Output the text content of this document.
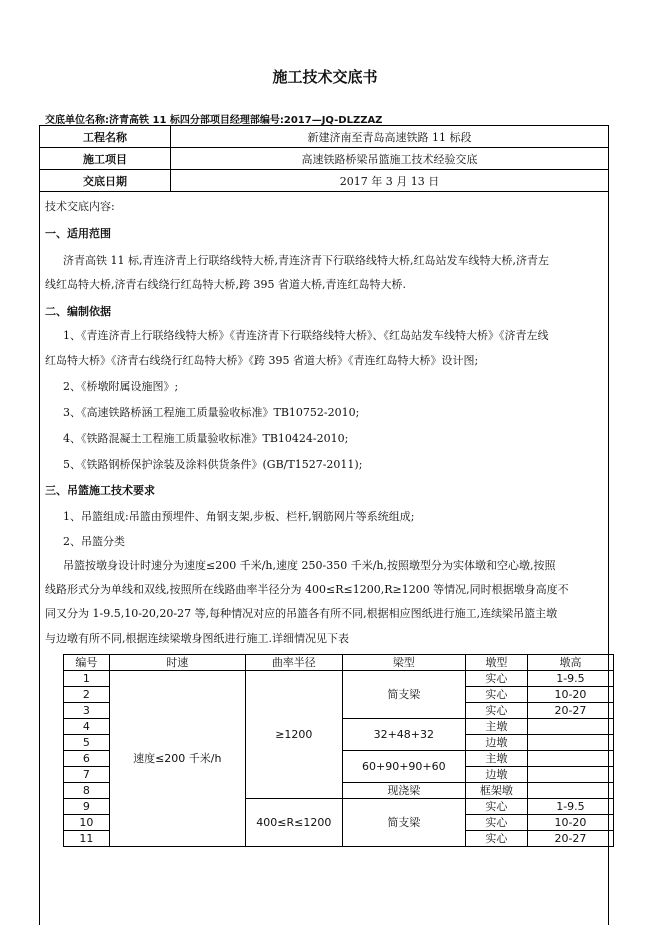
施工技术交底书
交底单位名称:济青高铁 11 标四分部项目经理部编号:2017—JQ-DLZZAZ
工程名称	新建济南至青岛高速铁路 11 标段
施工项目	高速铁路桥梁吊篮施工技术经验交底
交底日期	2017 年 3 月 13 日
技术交底内容:
一、适用范围
济青高铁 11 标,青连济青上行联络线特大桥,青连济青下行联络线特大桥,红岛站发车线特大桥,济青左
线红岛特大桥,济青右线绕行红岛特大桥,跨 395 省道大桥,青连红岛特大桥.
二、编制依据
1、《青连济青上行联络线特大桥》《青连济青下行联络线特大桥》、《红岛站发车线特大桥》《济青左线
红岛特大桥》《济青右线绕行红岛特大桥》《跨 395 省道大桥》《青连红岛特大桥》设计图;
2、《桥墩附属设施图》;
3、《高速铁路桥涵工程施工质量验收标准》TB10752-2010;
4、《铁路混凝土工程施工质量验收标准》TB10424-2010;
5、《铁路钢桥保护涂装及涂料供货条件》(GB/T1527-2011);
三、吊篮施工技术要求
1、吊篮组成:吊篮由预埋件、角钢支架,步板、栏杆,钢筋网片等系统组成;
2、吊篮分类
吊篮按墩身设计时速分为速度≤200 千米/h,速度 250-350 千米/h,按照墩型分为实体墩和空心墩,按照
线路形式分为单线和双线,按照所在线路曲率半径分为 400≤R≤1200,R≥1200 等情况,同时根据墩身高度不
同又分为 1-9.5,10-20,20-27 等,每种情况对应的吊篮各有所不同,根据相应图纸进行施工,连续梁吊篮主墩
与边墩有所不同,根据连续梁墩身图纸进行施工.详细情况见下表
编号	时速	曲率半径	梁型	墩型	墩高
1	速度≤200 千米/h	≥1200	简支梁	实心	1-9.5
2				实心	10-20
3				实心	20-27
4			32+48+32	主墩	
5				边墩	
6			60+90+90+60	主墩	
7				边墩	
8			现浇梁	框架墩	
9		400≤R≤1200	简支梁	实心	1-9.5
10				实心	10-20
11				实心	20-27
